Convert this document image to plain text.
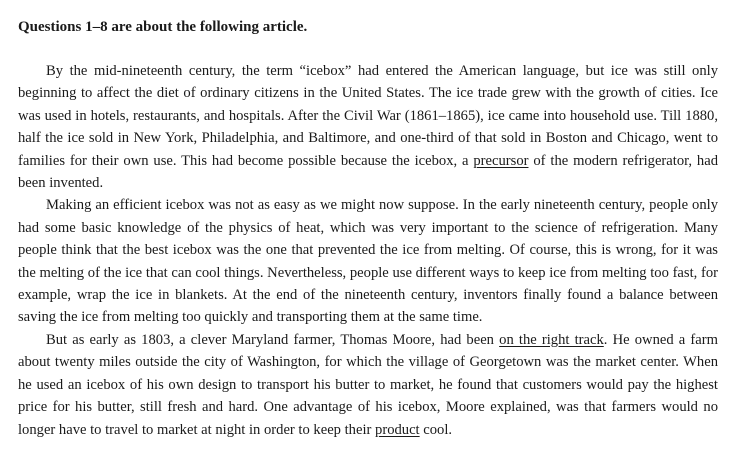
Questions 1–8 are about the following article.

By the mid-nineteenth century, the term “icebox” had entered the American language, but ice was still only beginning to affect the diet of ordinary citizens in the United States. The ice trade grew with the growth of cities. Ice was used in hotels, restaurants, and hospitals. After the Civil War (1861–1865), ice came into household use. Till 1880, half the ice sold in New York, Philadelphia, and Baltimore, and one-third of that sold in Boston and Chicago, went to families for their own use. This had become possible because the icebox, a precursor of the modern refrigerator, had been invented.

Making an efficient icebox was not as easy as we might now suppose. In the early nineteenth century, people only had some basic knowledge of the physics of heat, which was very important to the science of refrigeration. Many people think that the best icebox was the one that prevented the ice from melting. Of course, this is wrong, for it was the melting of the ice that can cool things. Nevertheless, people use different ways to keep ice from melting too fast, for example, wrap the ice in blankets. At the end of the nineteenth century, inventors finally found a balance between saving the ice from melting too quickly and transporting them at the same time.

But as early as 1803, a clever Maryland farmer, Thomas Moore, had been on the right track. He owned a farm about twenty miles outside the city of Washington, for which the village of Georgetown was the market center. When he used an icebox of his own design to transport his butter to market, he found that customers would pay the highest price for his butter, still fresh and hard. One advantage of his icebox, Moore explained, was that farmers would no longer have to travel to market at night in order to keep their product cool.
